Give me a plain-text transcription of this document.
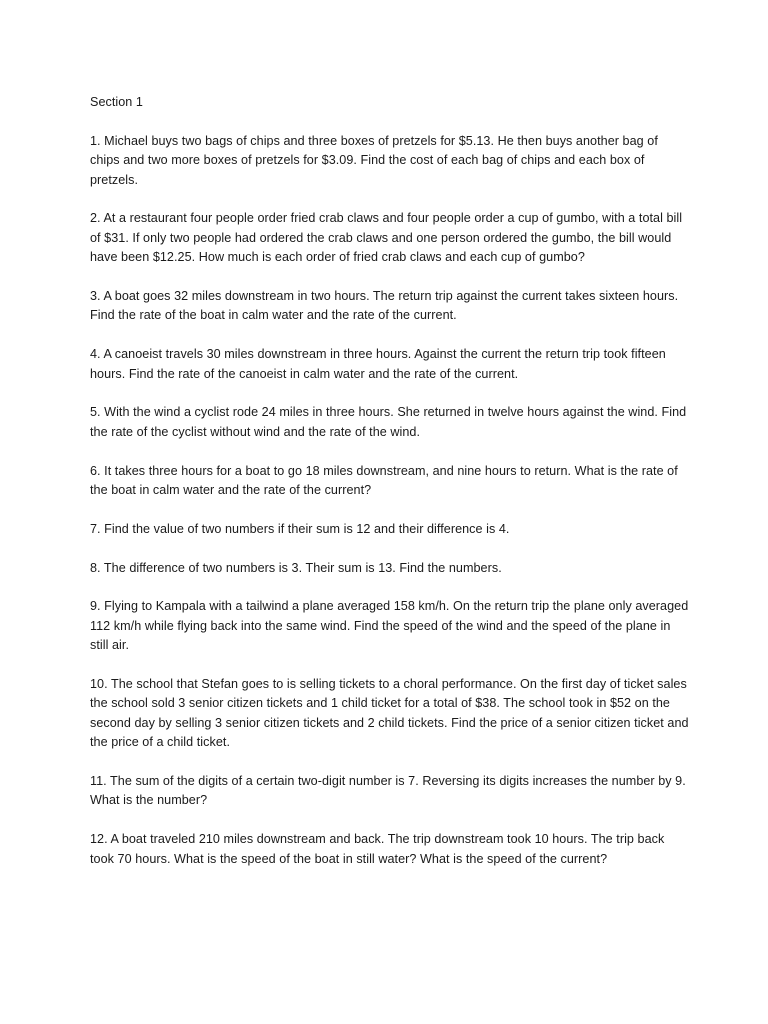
Section 1

1. Michael buys two bags of chips and three boxes of pretzels for $5.13. He then buys another bag of chips and two more boxes of pretzels for $3.09. Find the cost of each bag of chips and each box of pretzels.

2. At a restaurant four people order fried crab claws and four people order a cup of gumbo, with a total bill of $31. If only two people had ordered the crab claws and one person ordered the gumbo, the bill would have been $12.25. How much is each order of fried crab claws and each cup of gumbo?

3. A boat goes 32 miles downstream in two hours. The return trip against the current takes sixteen hours. Find the rate of the boat in calm water and the rate of the current.

4. A canoeist travels 30 miles downstream in three hours. Against the current the return trip took fifteen hours. Find the rate of the canoeist in calm water and the rate of the current.

5. With the wind a cyclist rode 24 miles in three hours. She returned in twelve hours against the wind. Find the rate of the cyclist without wind and the rate of the wind.

6. It takes three hours for a boat to go 18 miles downstream, and nine hours to return. What is the rate of the boat in calm water and the rate of the current?

7. Find the value of two numbers if their sum is 12 and their difference is 4.

8. The difference of two numbers is 3. Their sum is 13. Find the numbers.

9. Flying to Kampala with a tailwind a plane averaged 158 km/h. On the return trip the plane only averaged 112 km/h while flying back into the same wind. Find the speed of the wind and the speed of the plane in still air.

10. The school that Stefan goes to is selling tickets to a choral performance. On the first day of ticket sales the school sold 3 senior citizen tickets and 1 child ticket for a total of $38. The school took in $52 on the second day by selling 3 senior citizen tickets and 2 child tickets. Find the price of a senior citizen ticket and the price of a child ticket.

11. The sum of the digits of a certain two-digit number is 7. Reversing its digits increases the number by 9. What is the number?

12. A boat traveled 210 miles downstream and back. The trip downstream took 10 hours. The trip back took 70 hours. What is the speed of the boat in still water? What is the speed of the current?
